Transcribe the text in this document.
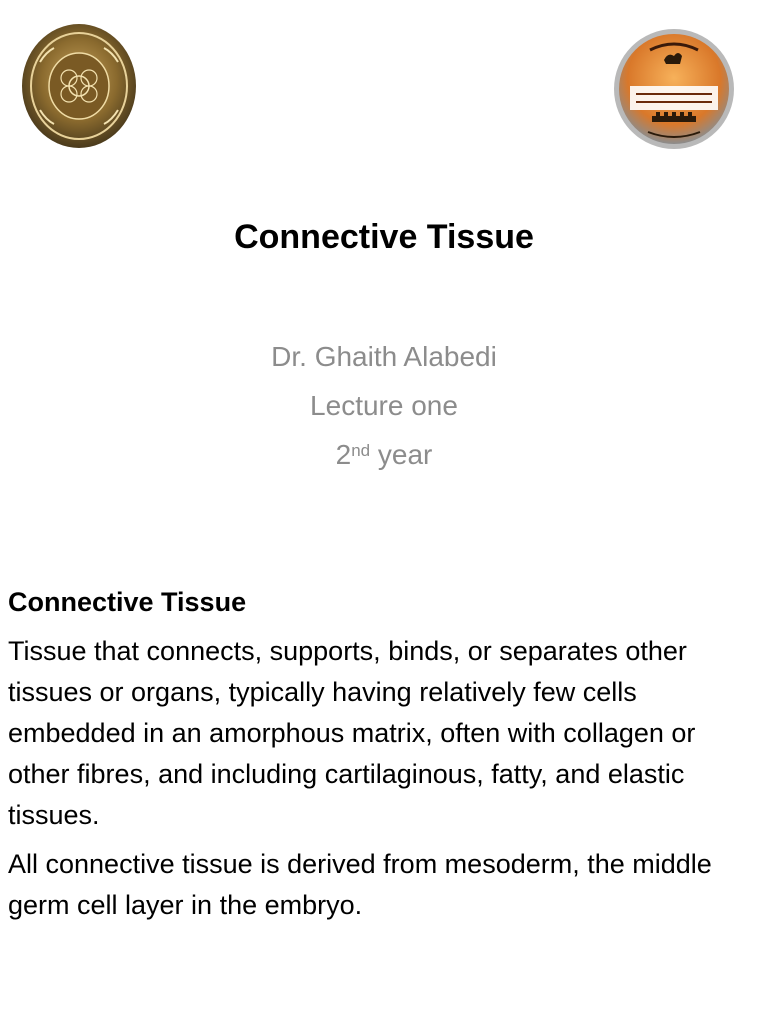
Connective Tissue
Dr. Ghaith Alabedi
Lecture one
2nd year
Connective Tissue
Tissue that connects, supports, binds, or separates other tissues or organs, typically having relatively few cells embedded in an amorphous matrix, often with collagen or other fibres, and including cartilaginous, fatty, and elastic tissues.
All connective tissue is derived from mesoderm, the middle germ cell layer in the embryo.
